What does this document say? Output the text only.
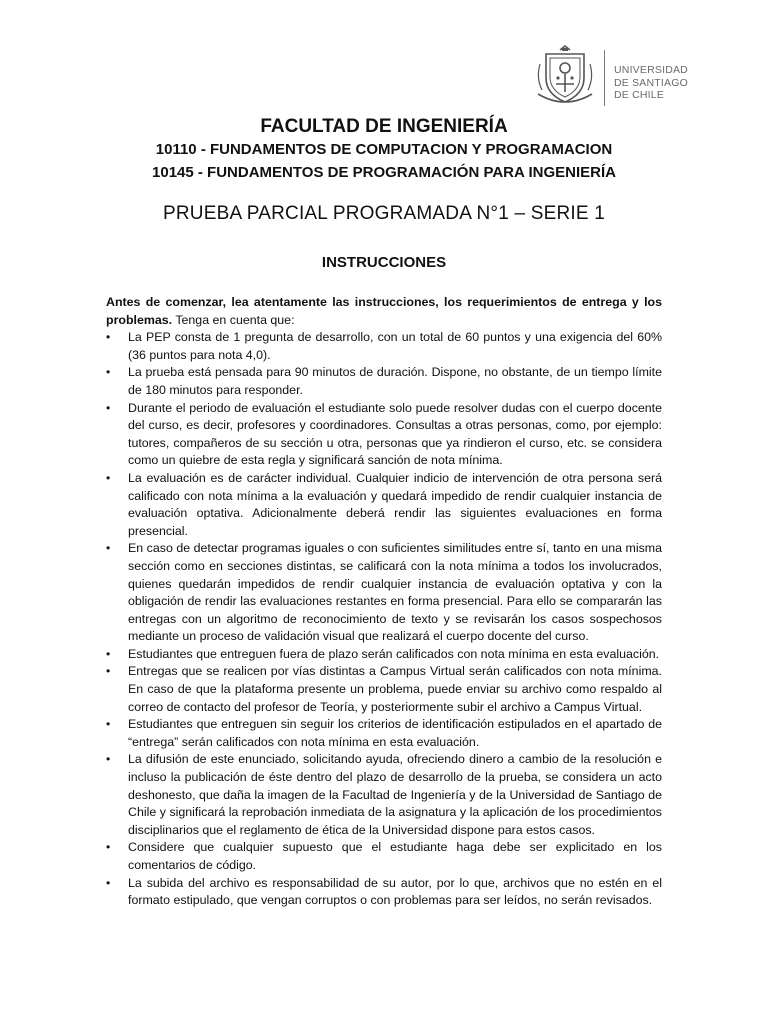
UNIVERSIDAD
DE SANTIAGO
DE CHILE
FACULTAD DE INGENIERÍA
10110 - FUNDAMENTOS DE COMPUTACION Y PROGRAMACION
10145 - FUNDAMENTOS DE PROGRAMACIÓN PARA INGENIERÍA
PRUEBA PARCIAL PROGRAMADA N°1 – SERIE 1
INSTRUCCIONES

Antes de comenzar, lea atentamente las instrucciones, los requerimientos de entrega y los problemas. Tenga en cuenta que:

• La PEP consta de 1 pregunta de desarrollo, con un total de 60 puntos y una exigencia del 60% (36 puntos para nota 4,0).
• La prueba está pensada para 90 minutos de duración. Dispone, no obstante, de un tiempo límite de 180 minutos para responder.
• Durante el periodo de evaluación el estudiante solo puede resolver dudas con el cuerpo docente del curso, es decir, profesores y coordinadores. Consultas a otras personas, como, por ejemplo: tutores, compañeros de su sección u otra, personas que ya rindieron el curso, etc. se considera como un quiebre de esta regla y significará sanción de nota mínima.
• La evaluación es de carácter individual. Cualquier indicio de intervención de otra persona será calificado con nota mínima a la evaluación y quedará impedido de rendir cualquier instancia de evaluación optativa. Adicionalmente deberá rendir las siguientes evaluaciones en forma presencial.
• En caso de detectar programas iguales o con suficientes similitudes entre sí, tanto en una misma sección como en secciones distintas, se calificará con la nota mínima a todos los involucrados, quienes quedarán impedidos de rendir cualquier instancia de evaluación optativa y con la obligación de rendir las evaluaciones restantes en forma presencial. Para ello se compararán las entregas con un algoritmo de reconocimiento de texto y se revisarán los casos sospechosos mediante un proceso de validación visual que realizará el cuerpo docente del curso.
• Estudiantes que entreguen fuera de plazo serán calificados con nota mínima en esta evaluación.
• Entregas que se realicen por vías distintas a Campus Virtual serán calificados con nota mínima. En caso de que la plataforma presente un problema, puede enviar su archivo como respaldo al correo de contacto del profesor de Teoría, y posteriormente subir el archivo a Campus Virtual.
• Estudiantes que entreguen sin seguir los criterios de identificación estipulados en el apartado de “entrega” serán calificados con nota mínima en esta evaluación.
• La difusión de este enunciado, solicitando ayuda, ofreciendo dinero a cambio de la resolución e incluso la publicación de éste dentro del plazo de desarrollo de la prueba, se considera un acto deshonesto, que daña la imagen de la Facultad de Ingeniería y de la Universidad de Santiago de Chile y significará la reprobación inmediata de la asignatura y la aplicación de los procedimientos disciplinarios que el reglamento de ética de la Universidad dispone para estos casos.
• Considere que cualquier supuesto que el estudiante haga debe ser explicitado en los comentarios de código.
• La subida del archivo es responsabilidad de su autor, por lo que, archivos que no estén en el formato estipulado, que vengan corruptos o con problemas para ser leídos, no serán revisados.
